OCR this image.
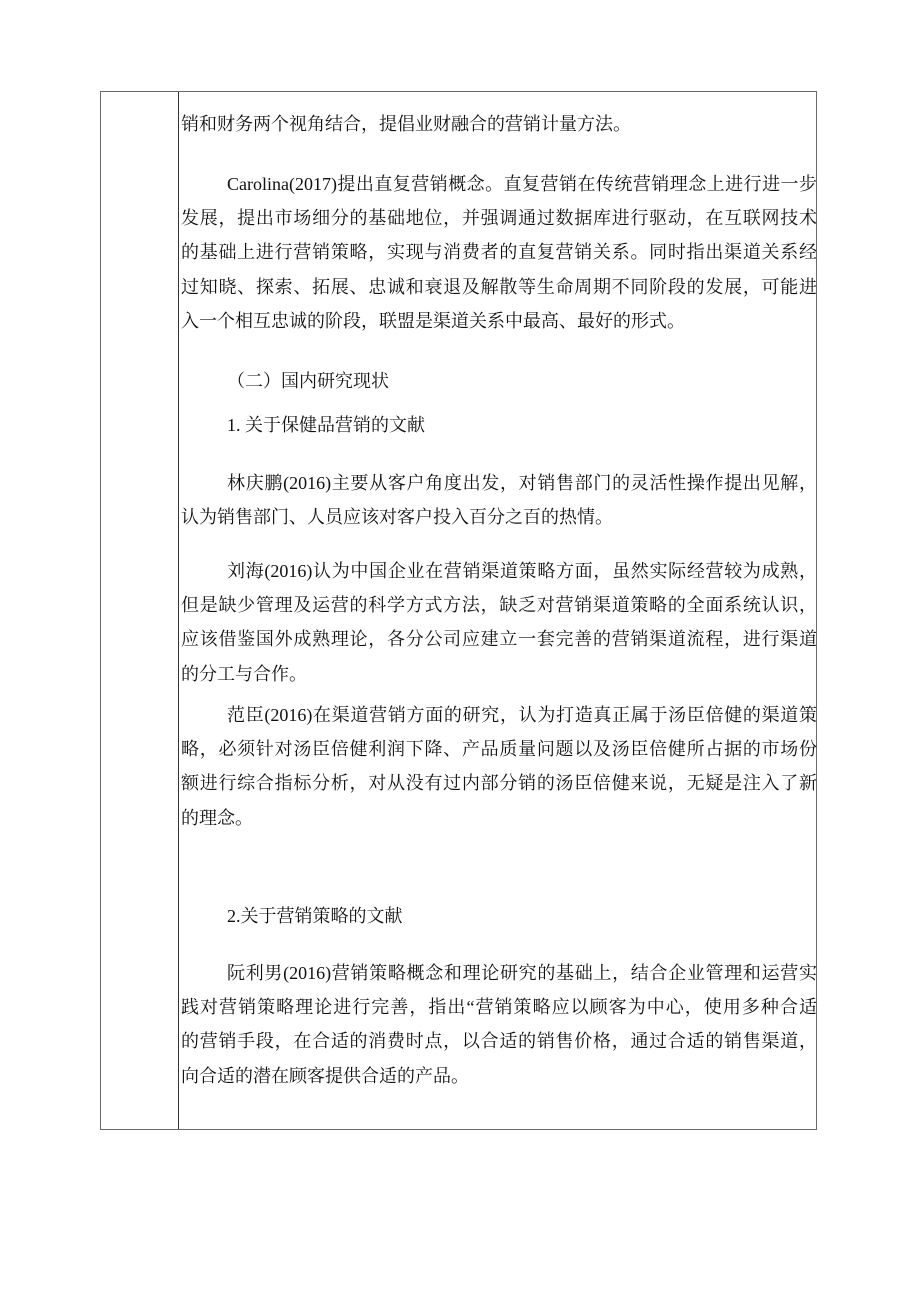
销和财务两个视角结合，提倡业财融合的营销计量方法。
Carolina(2017)提出直复营销概念。直复营销在传统营销理念上进行进一步
发展，提出市场细分的基础地位，并强调通过数据库进行驱动，在互联网技术
的基础上进行营销策略，实现与消费者的直复营销关系。同时指出渠道关系经
过知晓、探索、拓展、忠诚和衰退及解散等生命周期不同阶段的发展，可能进
入一个相互忠诚的阶段，联盟是渠道关系中最高、最好的形式。
（二）国内研究现状
1. 关于保健品营销的文献
林庆鹏(2016)主要从客户角度出发，对销售部门的灵活性操作提出见解，
认为销售部门、人员应该对客户投入百分之百的热情。
刘海(2016)认为中国企业在营销渠道策略方面，虽然实际经营较为成熟，
但是缺少管理及运营的科学方式方法，缺乏对营销渠道策略的全面系统认识，
应该借鉴国外成熟理论，各分公司应建立一套完善的营销渠道流程，进行渠道
的分工与合作。
范臣(2016)在渠道营销方面的研究，认为打造真正属于汤臣倍健的渠道策
略，必须针对汤臣倍健利润下降、产品质量问题以及汤臣倍健所占据的市场份
额进行综合指标分析，对从没有过内部分销的汤臣倍健来说，无疑是注入了新
的理念。
2.关于营销策略的文献
阮利男(2016)营销策略概念和理论研究的基础上，结合企业管理和运营实
践对营销策略理论进行完善，指出“营销策略应以顾客为中心，使用多种合适
的营销手段，在合适的消费时点，以合适的销售价格，通过合适的销售渠道，
向合适的潜在顾客提供合适的产品。
